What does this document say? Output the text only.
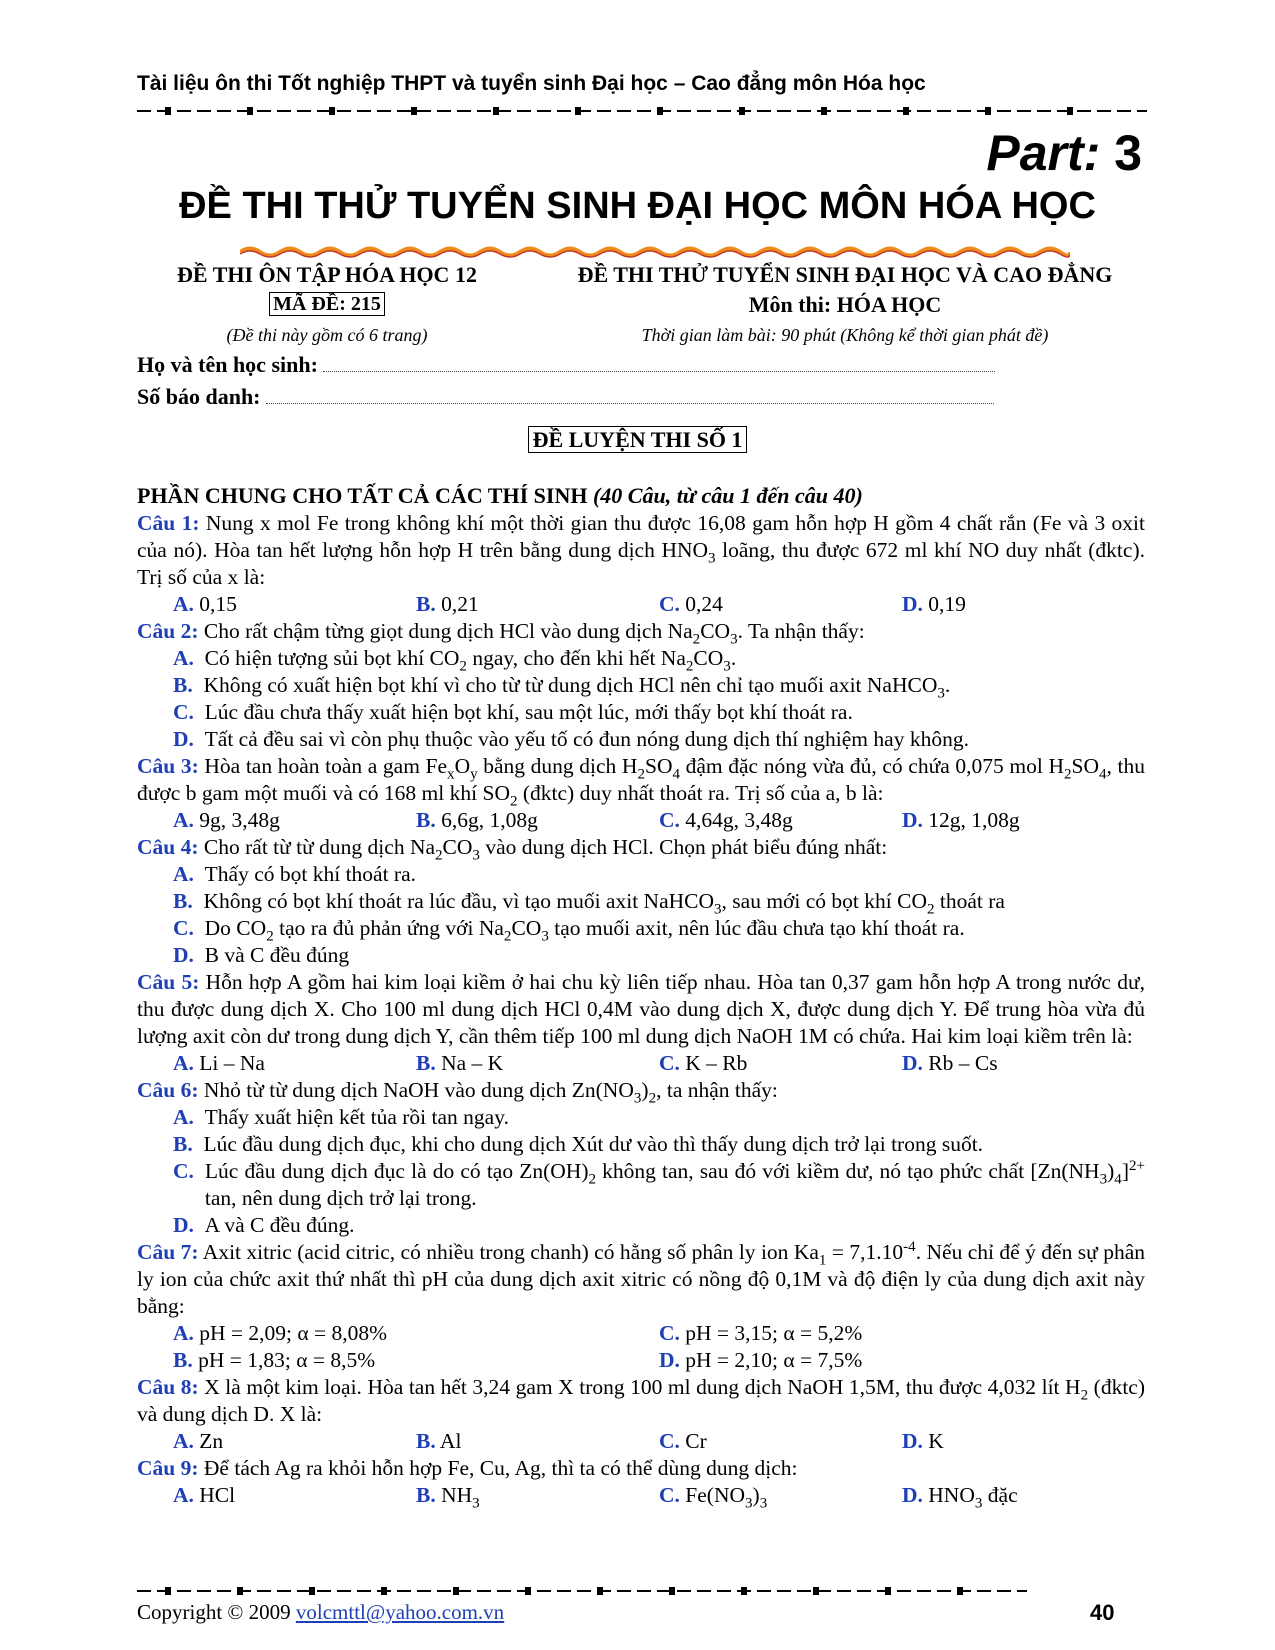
Tài liệu ôn thi Tốt nghiệp THPT và tuyển sinh Đại học – Cao đẳng môn Hóa học
Part: 3
ĐỀ THI THỬ TUYỂN SINH ĐẠI HỌC MÔN HÓA HỌC
ĐỀ THI ÔN TẬP HÓA HỌC 12	ĐỀ THI THỬ TUYỂN SINH ĐẠI HỌC VÀ CAO ĐẲNG
MÃ ĐỀ: 215	Môn thi: HÓA HỌC
(Đề thi này gồm có 6 trang)	Thời gian làm bài: 90 phút (Không kể thời gian phát đề)
Họ và tên học sinh:
Số báo danh:
ĐỀ LUYỆN THI SỐ 1

PHẦN CHUNG CHO TẤT CẢ CÁC THÍ SINH (40 Câu, từ câu 1 đến câu 40)

Câu 1: Nung x mol Fe trong không khí một thời gian thu được 16,08 gam hỗn hợp H gồm 4 chất rắn (Fe và 3 oxit của nó). Hòa tan hết lượng hỗn hợp H trên bằng dung dịch $HNO_3$ loãng, thu được 672 ml khí NO duy nhất (đktc). Trị số của x là:

A. 0,15	B. 0,21	C. 0,24	D. 0,19

Câu 2: Cho rất chậm từng giọt dung dịch HCl vào dung dịch $Na_2CO_3$. Ta nhận thấy:

A. Có hiện tượng sủi bọt khí $CO_2$ ngay, cho đến khi hết $Na_2CO_3$.
B. Không có xuất hiện bọt khí vì cho từ từ dung dịch HCl nên chỉ tạo muối axit NaHCO$_3$.
C. Lúc đầu chưa thấy xuất hiện bọt khí, sau một lúc, mới thấy bọt khí thoát ra.
D. Tất cả đều sai vì còn phụ thuộc vào yếu tố có đun nóng dung dịch thí nghiệm hay không.

Câu 3: Hòa tan hoàn toàn a gam $Fe_xO_y$ bằng dung dịch $H_2SO_4$ đậm đặc nóng vừa đủ, có chứa 0,075 mol $H_2SO_4$, thu được b gam một muối và có 168 ml khí $SO_2$ (đktc) duy nhất thoát ra. Trị số của a, b là:

A. 9g, 3,48g	B. 6,6g, 1,08g	C. 4,64g, 3,48g	D. 12g, 1,08g

Câu 4: Cho rất từ từ dung dịch $Na_2CO_3$ vào dung dịch HCl. Chọn phát biểu đúng nhất:

A. Thấy có bọt khí thoát ra.
B. Không có bọt khí thoát ra lúc đầu, vì tạo muối axit NaHCO$_3$, sau mới có bọt khí $CO_2$ thoát ra
C. Do $CO_2$ tạo ra đủ phản ứng với $Na_2CO_3$ tạo muối axit, nên lúc đầu chưa tạo khí thoát ra.
D. B và C đều đúng

Câu 5: Hỗn hợp A gồm hai kim loại kiềm ở hai chu kỳ liên tiếp nhau. Hòa tan 0,37 gam hỗn hợp A trong nước dư, thu được dung dịch X. Cho 100 ml dung dịch HCl 0,4M vào dung dịch X, được dung dịch Y. Để trung hòa vừa đủ lượng axit còn dư trong dung dịch Y, cần thêm tiếp 100 ml dung dịch NaOH 1M có chứa. Hai kim loại kiềm trên là:

A. Li – Na	B. Na – K	C. K – Rb	D. Rb – Cs

Câu 6: Nhỏ từ từ dung dịch NaOH vào dung dịch $Zn(NO_3)_2$, ta nhận thấy:

A. Thấy xuất hiện kết tủa rồi tan ngay.
B. Lúc đầu dung dịch đục, khi cho dung dịch Xút dư vào thì thấy dung dịch trở lại trong suốt.
C. Lúc đầu dung dịch đục là do có tạo $Zn(OH)_2$ không tan, sau đó với kiềm dư, nó tạo phức chất $[Zn(NH_3)_4]^{2+}$ tan, nên dung dịch trở lại trong.
D. A và C đều đúng.

Câu 7: Axit xitric (acid citric, có nhiều trong chanh) có hằng số phân ly ion $Ka_1 = 7,1.10^{-4}$. Nếu chỉ để ý đến sự phân ly ion của chức axit thứ nhất thì pH của dung dịch axit xitric có nồng độ 0,1M và độ điện ly của dung dịch axit này bằng:

A. pH = 2,09; α = 8,08%	C. pH = 3,15; α = 5,2%
B. pH = 1,83; α = 8,5%	D. pH = 2,10; α = 7,5%

Câu 8: X là một kim loại. Hòa tan hết 3,24 gam X trong 100 ml dung dịch NaOH 1,5M, thu được 4,032 lít $H_2$ (đktc) và dung dịch D. X là:

A. Zn	B. Al	C. Cr	D. K

Câu 9: Để tách Ag ra khỏi hỗn hợp Fe, Cu, Ag, thì ta có thể dùng dung dịch:

A. HCl	B. $NH_3$	C. $Fe(NO_3)_3$	D. $HNO_3$ đặc
Copyright © 2009 volcmttl@yahoo.com.vn	40
